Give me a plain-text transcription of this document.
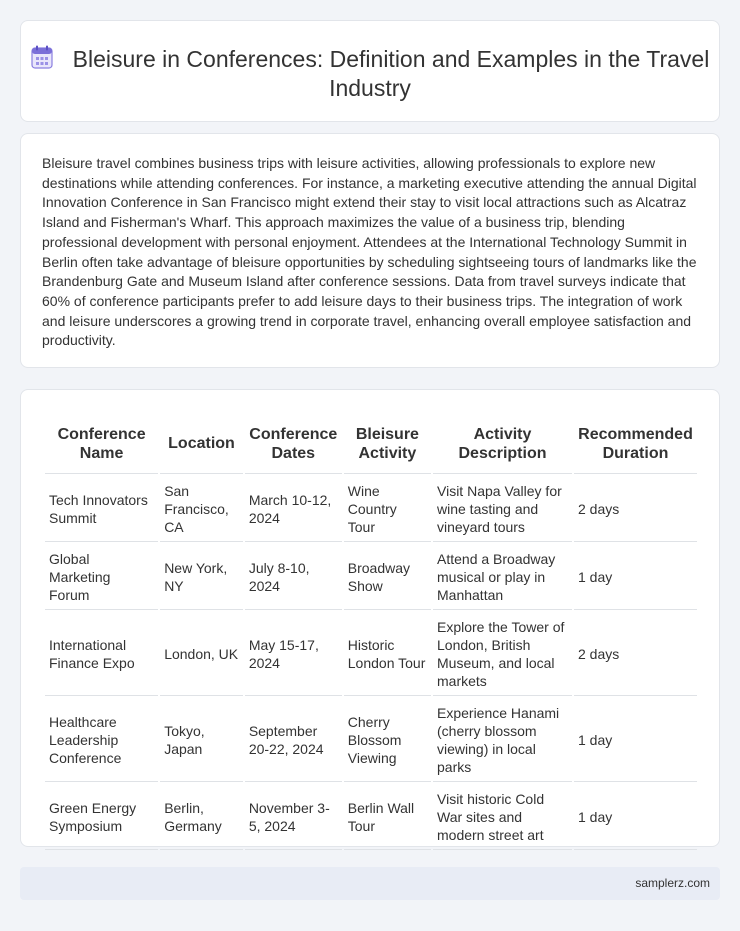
Bleisure in Conferences: Definition and Examples in the Travel Industry

Bleisure travel combines business trips with leisure activities, allowing professionals to explore new destinations while attending conferences. For instance, a marketing executive attending the annual Digital Innovation Conference in San Francisco might extend their stay to visit local attractions such as Alcatraz Island and Fisherman's Wharf. This approach maximizes the value of a business trip, blending professional development with personal enjoyment. Attendees at the International Technology Summit in Berlin often take advantage of bleisure opportunities by scheduling sightseeing tours of landmarks like the Brandenburg Gate and Museum Island after conference sessions. Data from travel surveys indicate that 60% of conference participants prefer to add leisure days to their business trips. The integration of work and leisure underscores a growing trend in corporate travel, enhancing overall employee satisfaction and productivity.

Conference Name	Location	Conference Dates	Bleisure Activity	Activity Description	Recommended Duration
Tech Innovators Summit	San Francisco, CA	March 10-12, 2024	Wine Country Tour	Visit Napa Valley for wine tasting and vineyard tours	2 days
Global Marketing Forum	New York, NY	July 8-10, 2024	Broadway Show	Attend a Broadway musical or play in Manhattan	1 day
International Finance Expo	London, UK	May 15-17, 2024	Historic London Tour	Explore the Tower of London, British Museum, and local markets	2 days
Healthcare Leadership Conference	Tokyo, Japan	September 20-22, 2024	Cherry Blossom Viewing	Experience Hanami (cherry blossom viewing) in local parks	1 day
Green Energy Symposium	Berlin, Germany	November 3-5, 2024	Berlin Wall Tour	Visit historic Cold War sites and modern street art	1 day
samplerz.com
